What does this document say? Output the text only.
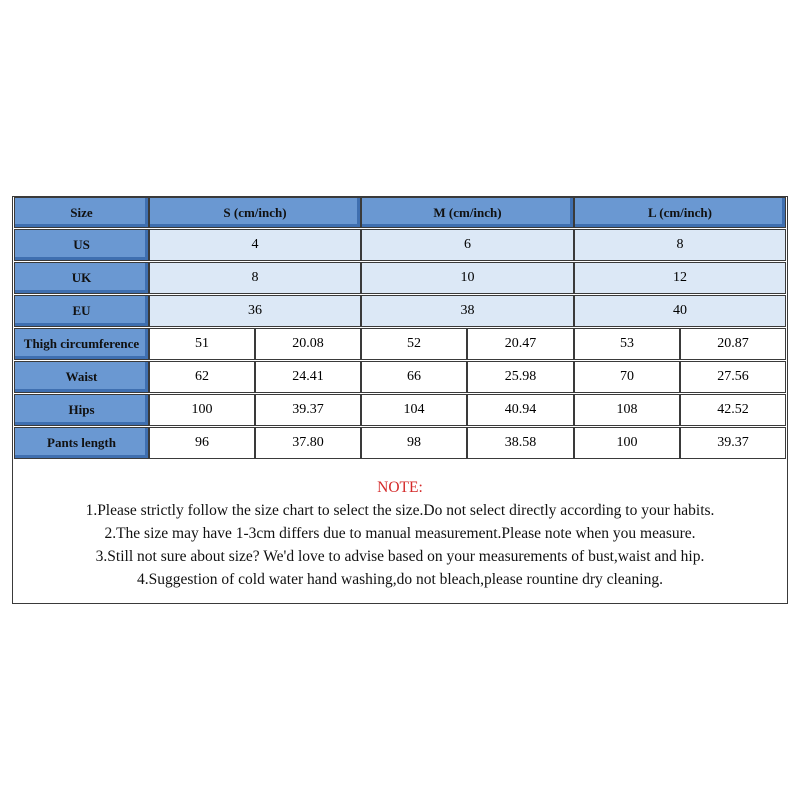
Size	S (cm/inch)	M (cm/inch)	L (cm/inch)
US	4	6	8
UK	8	10	12
EU	36	38	40
Thigh circumference	51	20.08	52	20.47	53	20.87
Waist	62	24.41	66	25.98	70	27.56
Hips	100	39.37	104	40.94	108	42.52
Pants length	96	37.80	98	38.58	100	39.37
NOTE:
1.Please strictly follow the size chart to select the size.Do not select directly according to your habits.
2.The size may have 1-3cm differs due to manual measurement.Please note when you measure.
3.Still not sure about size? We'd love to advise based on your measurements of bust,waist and hip.
4.Suggestion of cold water hand washing,do not bleach,please rountine dry cleaning.
